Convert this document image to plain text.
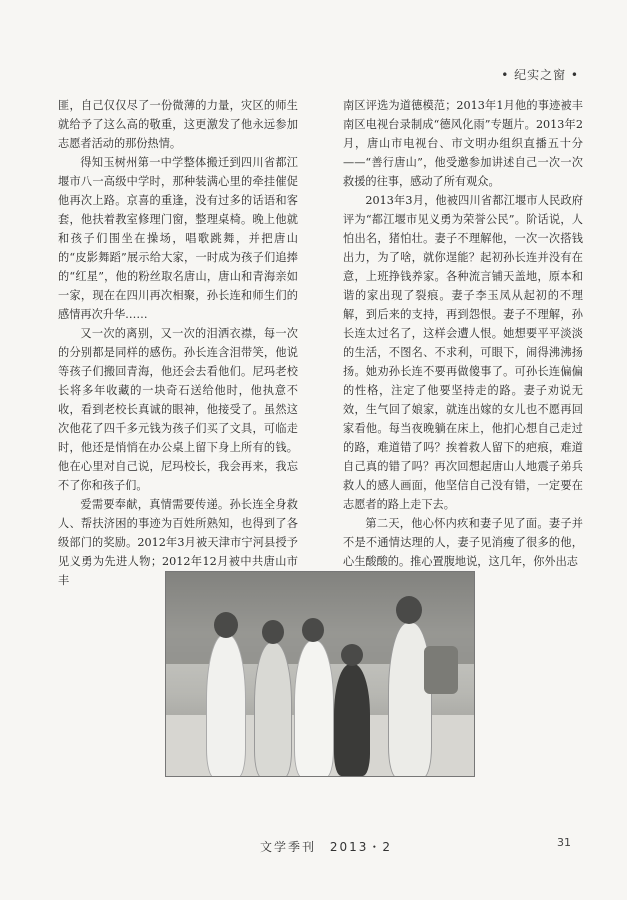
• 纪实之窗 •

匪，自己仅仅尽了一份微薄的力量，灾区的师生就给予了这么高的敬重，这更激发了他永远参加志愿者活动的那份热情。

得知玉树州第一中学整体搬迁到四川省都江堰市八一高级中学时，那种装满心里的牵挂催促他再次上路。京喜的重逢，没有过多的话语和客套，他扶着教室修理门窗，整理桌椅。晚上他就和孩子们围坐在操场，唱歌跳舞，并把唐山的“皮影舞蹈”展示给大家，一时成为孩子们追捧的“红星”，他的粉丝取名唐山，唐山和青海亲如一家，现在在四川再次相聚，孙长连和师生们的感情再次升华……

又一次的离别，又一次的泪洒衣襟，每一次的分别都是同样的感伤。孙长连含泪带笑，他说等孩子们搬回青海，他还会去看他们。尼玛老校长将多年收藏的一块奇石送给他时，他执意不收，看到老校长真诚的眼神，他接受了。虽然这次他花了四千多元钱为孩子们买了文具，可临走时，他还是悄悄在办公桌上留下身上所有的钱。他在心里对自己说，尼玛校长，我会再来，我忘不了你和孩子们。

爱需要奉献，真情需要传递。孙长连全身救人、帮扶济困的事迹为百姓所熟知，也得到了各级部门的奖励。2012年3月被天津市宁河县授予见义勇为先进人物；2012年12月被中共唐山市丰

南区评选为道德模范；2013年1月他的事迹被丰南区电视台录制成“德风化雨”专题片。2013年2月，唐山市电视台、市文明办组织直播五十分——“善行唐山”，他受邀参加讲述自己一次一次救援的往事，感动了所有观众。

2013年3月，他被四川省都江堰市人民政府评为“都江堰市见义勇为荣誉公民”。阶话说，人怕出名，猪怕壮。妻子不理解他，一次一次搭钱出力，为了啥，就你逞能？起初孙长连并没有在意，上班挣钱养家。各种流言铺天盖地，原本和谐的家出现了裂痕。妻子李玉凤从起初的不理解，到后来的支持，再到怨恨。妻子不理解，孙长连太过名了，这样会遭人恨。她想要平平淡淡的生活，不图名、不求利，可眼下，闹得沸沸扬扬。她劝孙长连不要再做傻事了。可孙长连偏偏的性格，注定了他要坚持走的路。妻子劝说无效，生气回了娘家，就连出嫁的女儿也不愿再回家看他。每当夜晚躺在床上，他扪心想自己走过的路，难道错了吗？挨着救人留下的疤痕，难道自己真的错了吗？再次回想起唐山人地震子弟兵救人的感人画面，他坚信自己没有错，一定要在志愿者的路上走下去。

第二天，他心怀内疚和妻子见了面。妻子并不是不通情达理的人，妻子见消瘦了很多的他，心生酸酸的。推心置腹地说，这几年，你外出志

文学季刊 2013・2	31
